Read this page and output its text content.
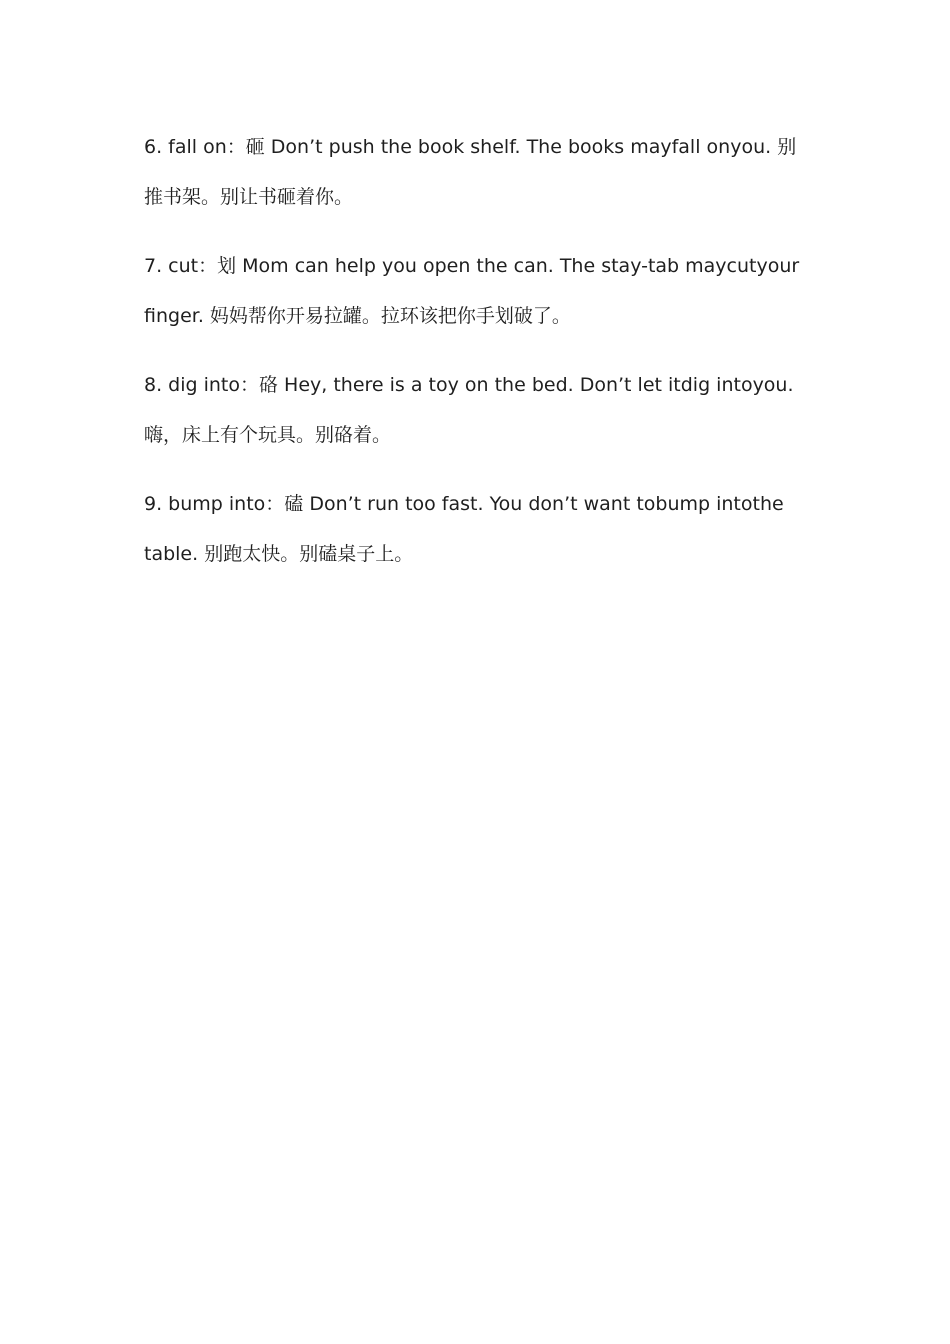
6. fall on：砸 Don’t push the book shelf. The books mayfall onyou. 别
推书架。别让书砸着你。

7. cut：划 Mom can help you open the can. The stay-tab maycutyour
finger. 妈妈帮你开易拉罐。拉环该把你手划破了。

8. dig into：硌 Hey, there is a toy on the bed. Don’t let itdig intoyou.
嗨，床上有个玩具。别硌着。

9. bump into：磕 Don’t run too fast. You don’t want tobump intothe
table. 别跑太快。别磕桌子上。
